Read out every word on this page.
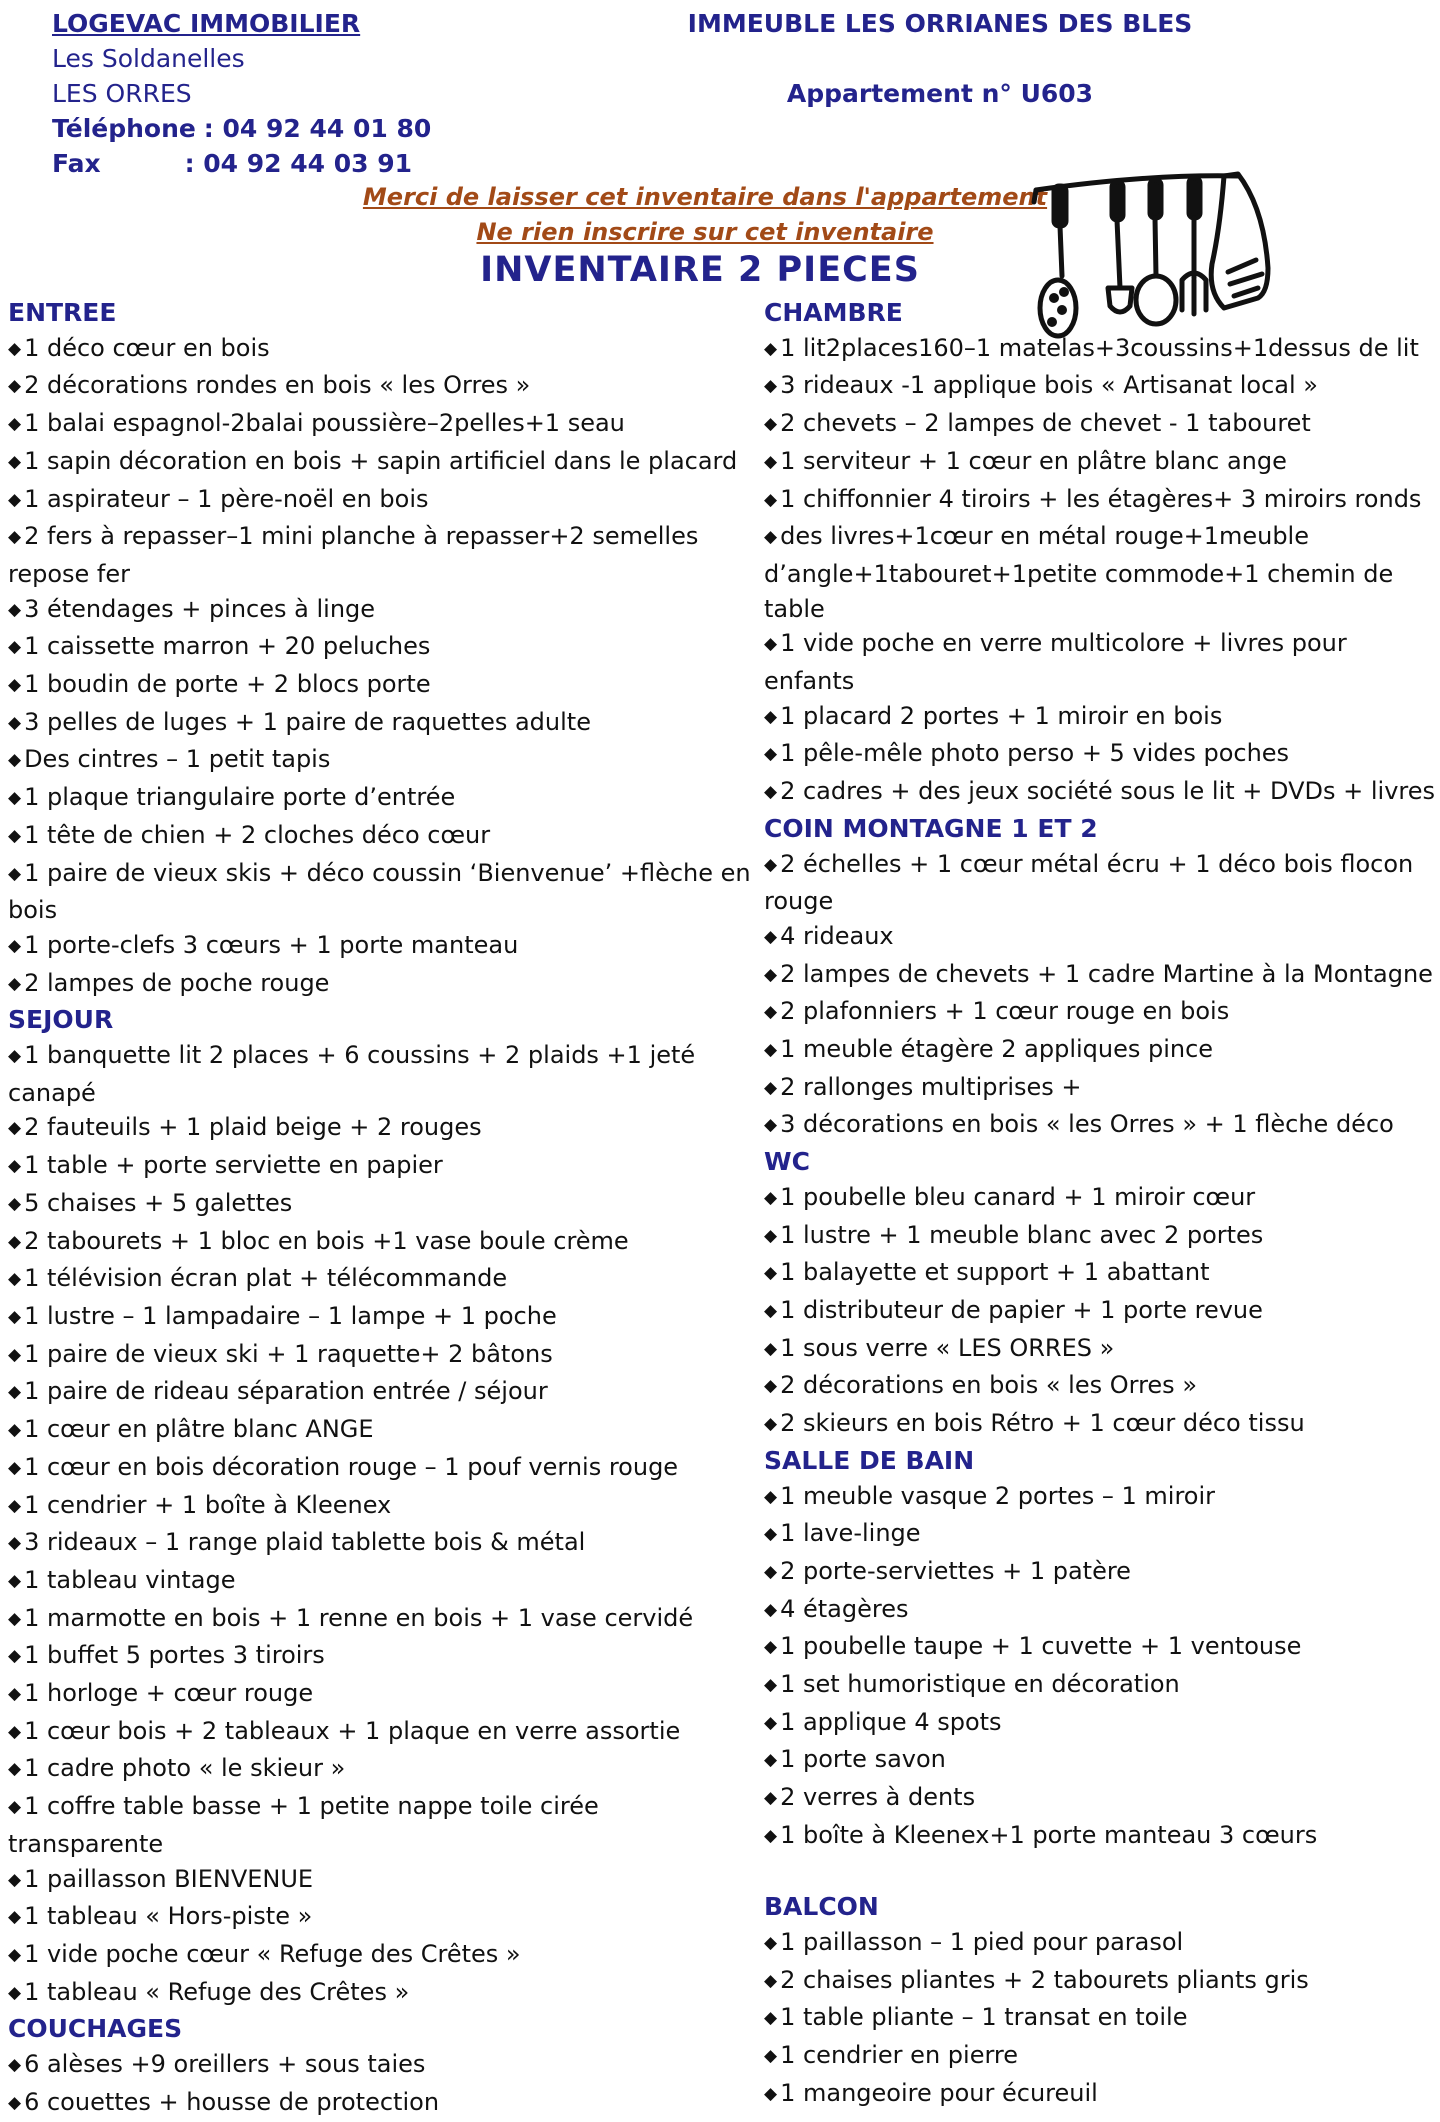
LOGEVAC IMMOBILIER
Les Soldanelles
LES ORRES
Téléphone : 04 92 44 01 80
Fax	: 04 92 44 03 91
IMMEUBLE LES ORRIANES DES BLES
Appartement n° U603
Merci de laisser cet inventaire dans l'appartement
Ne rien inscrire sur cet inventaire
INVENTAIRE 2 PIECES
ENTREE
◆ 1 déco cœur en bois
◆ 2 décorations rondes en bois « les Orres »
◆ 1 balai espagnol-2balai poussière–2pelles+1 seau
◆ 1 sapin décoration en bois + sapin artificiel dans le placard
◆ 1 aspirateur – 1 père-noël en bois
◆ 2 fers à repasser–1 mini planche à repasser+2 semelles repose fer
◆ 3 étendages + pinces à linge
◆ 1 caissette marron + 20 peluches
◆ 1 boudin de porte + 2 blocs porte
◆ 3 pelles de luges + 1 paire de raquettes adulte
◆ Des cintres – 1 petit tapis
◆ 1 plaque triangulaire porte d’entrée
◆ 1 tête de chien + 2 cloches déco cœur
◆ 1 paire de vieux skis + déco coussin ‘Bienvenue’ +flèche en bois
◆ 1 porte-clefs 3 cœurs + 1 porte manteau
◆ 2 lampes de poche rouge
SEJOUR
◆ 1 banquette lit 2 places + 6 coussins + 2 plaids +1 jeté canapé
◆ 2 fauteuils + 1 plaid beige + 2 rouges
◆ 1 table + porte serviette en papier
◆ 5 chaises + 5 galettes
◆ 2 tabourets + 1 bloc en bois +1 vase boule crème
◆ 1 télévision écran plat + télécommande
◆ 1 lustre – 1 lampadaire – 1 lampe + 1 poche
◆ 1 paire de vieux ski + 1 raquette+ 2 bâtons
◆ 1 paire de rideau séparation entrée / séjour
◆ 1 cœur en plâtre blanc ANGE
◆ 1 cœur en bois décoration rouge – 1 pouf vernis rouge
◆ 1 cendrier + 1 boîte à Kleenex
◆ 3 rideaux – 1 range plaid tablette bois & métal
◆ 1 tableau vintage
◆ 1 marmotte en bois + 1 renne en bois + 1 vase cervidé
◆ 1 buffet 5 portes 3 tiroirs
◆ 1 horloge + cœur rouge
◆ 1 cœur bois + 2 tableaux + 1 plaque en verre assortie
◆ 1 cadre photo « le skieur »
◆ 1 coffre table basse + 1 petite nappe toile cirée transparente
◆ 1 paillasson BIENVENUE
◆ 1 tableau « Hors-piste »
◆ 1 vide poche cœur « Refuge des Crêtes »
◆ 1 tableau « Refuge des Crêtes »
COUCHAGES
◆ 6 alèses +9 oreillers + sous taies
◆ 6 couettes + housse de protection
CHAMBRE
◆ 1 lit2places160–1 matelas+3coussins+1dessus de lit
◆ 3 rideaux -1 applique bois « Artisanat local »
◆ 2 chevets – 2 lampes de chevet - 1 tabouret
◆ 1 serviteur + 1 cœur en plâtre blanc ange
◆ 1 chiffonnier 4 tiroirs + les étagères+ 3 miroirs ronds
◆ des livres+1cœur en métal rouge+1meuble d’angle+1tabouret+1petite commode+1 chemin de table
◆ 1 vide poche en verre multicolore + livres pour enfants
◆ 1 placard 2 portes + 1 miroir en bois
◆ 1 pêle-mêle photo perso + 5 vides poches
◆ 2 cadres + des jeux société sous le lit + DVDs + livres
COIN MONTAGNE 1 ET 2
◆ 2 échelles + 1 cœur métal écru + 1 déco bois flocon rouge
◆ 4 rideaux
◆ 2 lampes de chevets + 1 cadre Martine à la Montagne
◆ 2 plafonniers + 1 cœur rouge en bois
◆ 1 meuble étagère 2 appliques pince
◆ 2 rallonges multiprises +
◆ 3 décorations en bois « les Orres » + 1 flèche déco
WC
◆ 1 poubelle bleu canard + 1 miroir cœur
◆ 1 lustre + 1 meuble blanc avec 2 portes
◆ 1 balayette et support + 1 abattant
◆ 1 distributeur de papier + 1 porte revue
◆ 1 sous verre « LES ORRES »
◆ 2 décorations en bois « les Orres »
◆ 2 skieurs en bois Rétro + 1 cœur déco tissu
SALLE DE BAIN
◆ 1 meuble vasque 2 portes – 1 miroir
◆ 1 lave-linge
◆ 2 porte-serviettes + 1 patère
◆ 4 étagères
◆ 1 poubelle taupe + 1 cuvette + 1 ventouse
◆ 1 set humoristique en décoration
◆ 1 applique 4 spots
◆ 1 porte savon
◆ 2 verres à dents
◆ 1 boîte à Kleenex+1 porte manteau 3 cœurs
BALCON
◆ 1 paillasson – 1 pied pour parasol
◆ 2 chaises pliantes + 2 tabourets pliants gris
◆ 1 table pliante – 1 transat en toile
◆ 1 cendrier en pierre
◆ 1 mangeoire pour écureuil
